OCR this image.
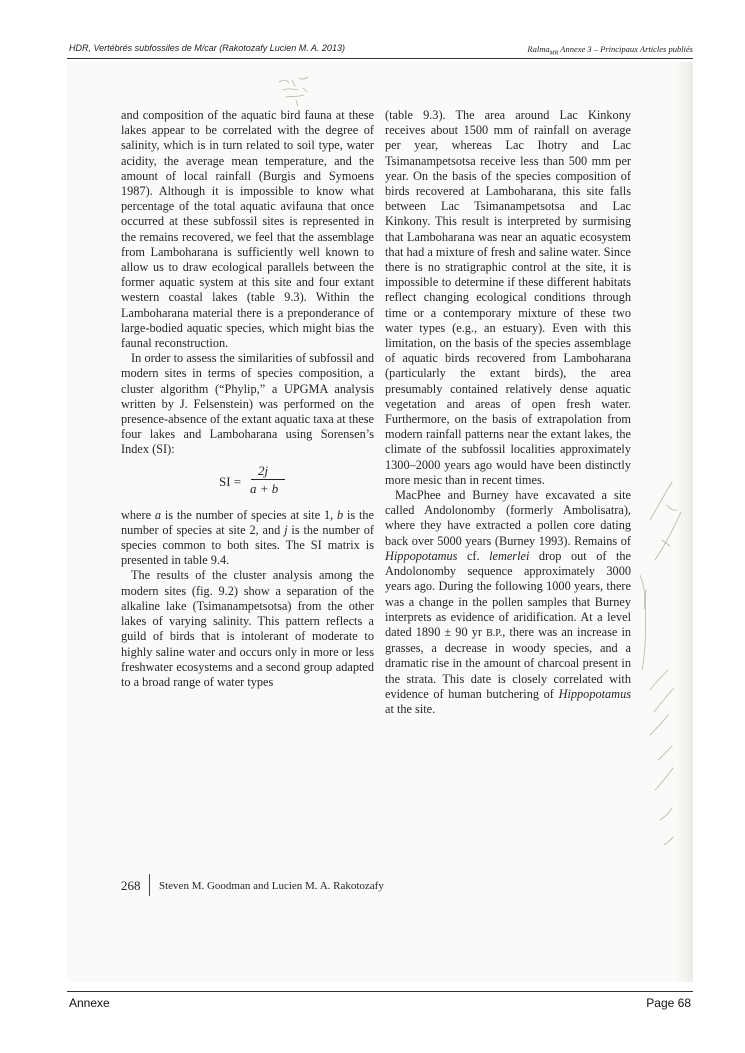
HDR, Vertébrés subfossiles de M/car (Rakotozafy Lucien M. A. 2013)	Ralma$_{MR}$ Annexe 3 – Principaux Articles publiés

and composition of the aquatic bird fauna at these lakes appear to be correlated with the degree of salinity, which is in turn related to soil type, water acidity, the average mean temperature, and the amount of local rainfall (Burgis and Symoens 1987). Although it is impossible to know what percentage of the total aquatic avifauna that once occurred at these subfossil sites is represented in the remains recovered, we feel that the assemblage from Lamboharana is sufficiently well known to allow us to draw ecological parallels between the former aquatic system at this site and four extant western coastal lakes (table 9.3). Within the Lamboharana material there is a preponderance of large-bodied aquatic species, which might bias the faunal reconstruction.

In order to assess the similarities of subfossil and modern sites in terms of species composition, a cluster algorithm (“Phylip,” a UPGMA analysis written by J. Felsenstein) was performed on the presence-absence of the extant aquatic taxa at these four lakes and Lamboharana using Sorensen’s Index (SI):

SI =
2j
a + b

where a is the number of species at site 1, b is the number of species at site 2, and j is the number of species common to both sites. The SI matrix is presented in table 9.4.

The results of the cluster analysis among the modern sites (fig. 9.2) show a separation of the alkaline lake (Tsimanampetsotsa) from the other lakes of varying salinity. This pattern reflects a guild of birds that is intolerant of moderate to highly saline water and occurs only in more or less freshwater ecosystems and a second group adapted to a broad range of water types

(table 9.3). The area around Lac Kinkony receives about 1500 mm of rainfall on average per year, whereas Lac Ihotry and Lac Tsimanampetsotsa receive less than 500 mm per year. On the basis of the species composition of birds recovered at Lamboharana, this site falls between Lac Tsimanampetsotsa and Lac Kinkony. This result is interpreted by surmising that Lamboharana was near an aquatic ecosystem that had a mixture of fresh and saline water. Since there is no stratigraphic control at the site, it is impossible to determine if these different habitats reflect changing ecological conditions through time or a contemporary mixture of these two water types (e.g., an estuary). Even with this limitation, on the basis of the species assemblage of aquatic birds recovered from Lamboharana (particularly the extant birds), the area presumably contained relatively dense aquatic vegetation and areas of open fresh water. Furthermore, on the basis of extrapolation from modern rainfall patterns near the extant lakes, the climate of the subfossil localities approximately 1300–2000 years ago would have been distinctly more mesic than in recent times.

MacPhee and Burney have excavated a site called Andolonomby (formerly Ambolisatra), where they have extracted a pollen core dating back over 5000 years (Burney 1993). Remains of Hippopotamus cf. lemerlei drop out of the Andolonomby sequence approximately 3000 years ago. During the following 1000 years, there was a change in the pollen samples that Burney interprets as evidence of aridification. At a level dated 1890 ± 90 yr B.P., there was an increase in grasses, a decrease in woody species, and a dramatic rise in the amount of charcoal present in the strata. This date is closely correlated with evidence of human butchering of Hippopotamus at the site.

268 Steven M. Goodman and Lucien M. A. Rakotozafy
Annexe	Page 68
